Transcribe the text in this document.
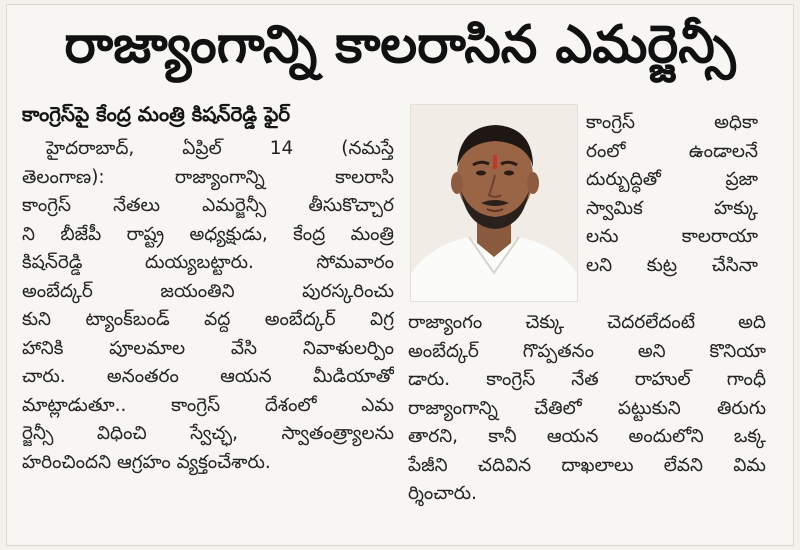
రాజ్యాంగాన్ని కాలరాసిన ఎమర్జెన్సీ
కాంగ్రెస్‌పై కేంద్ర మంత్రి కిషన్‌రెడ్డి ఫైర్
హైదరాబాద్, ఏప్రిల్ 14 (నమస్తే
తెలంగాణ): రాజ్యాంగాన్ని కాలరాసి
కాంగ్రెస్ నేతలు ఎమర్జెన్సీ తీసుకొచ్చార
ని బీజేపీ రాష్ట్ర అధ్యక్షుడు, కేంద్ర మంత్రి
కిషన్‌రెడ్డి దుయ్యబట్టారు. సోమవారం
అంబేద్కర్ జయంతిని పురస్కరించు
కుని ట్యాంక్‌బండ్ వద్ద అంబేద్కర్ విగ్ర
హానికి పూలమాల వేసి నివాళులర్పిం
చారు. అనంతరం ఆయన మీడియాతో
మాట్లాడుతూ.. కాంగ్రెస్ దేశంలో ఎమ
ర్జెన్సీ విధించి స్వేచ్ఛ, స్వాతంత్ర్యాలను
హరించిందని ఆగ్రహం వ్యక్తంచేశారు.
కాంగ్రెస్ అధికా
రంలో ఉండాలనే
దుర్బుద్ధితో ప్రజా
స్వామిక హక్కు
లను కాలరాయా
లని కుట్ర చేసినా
రాజ్యాంగం చెక్కు చెదరలేదంటే అది
అంబేద్కర్ గొప్పతనం అని కొనియా
డారు. కాంగ్రెస్ నేత రాహుల్ గాంధీ
రాజ్యాంగాన్ని చేతిలో పట్టుకుని తిరుగు
తారని, కానీ ఆయన అందులోని ఒక్క
పేజీని చదివిన దాఖలాలు లేవని విమ
ర్శించారు.
